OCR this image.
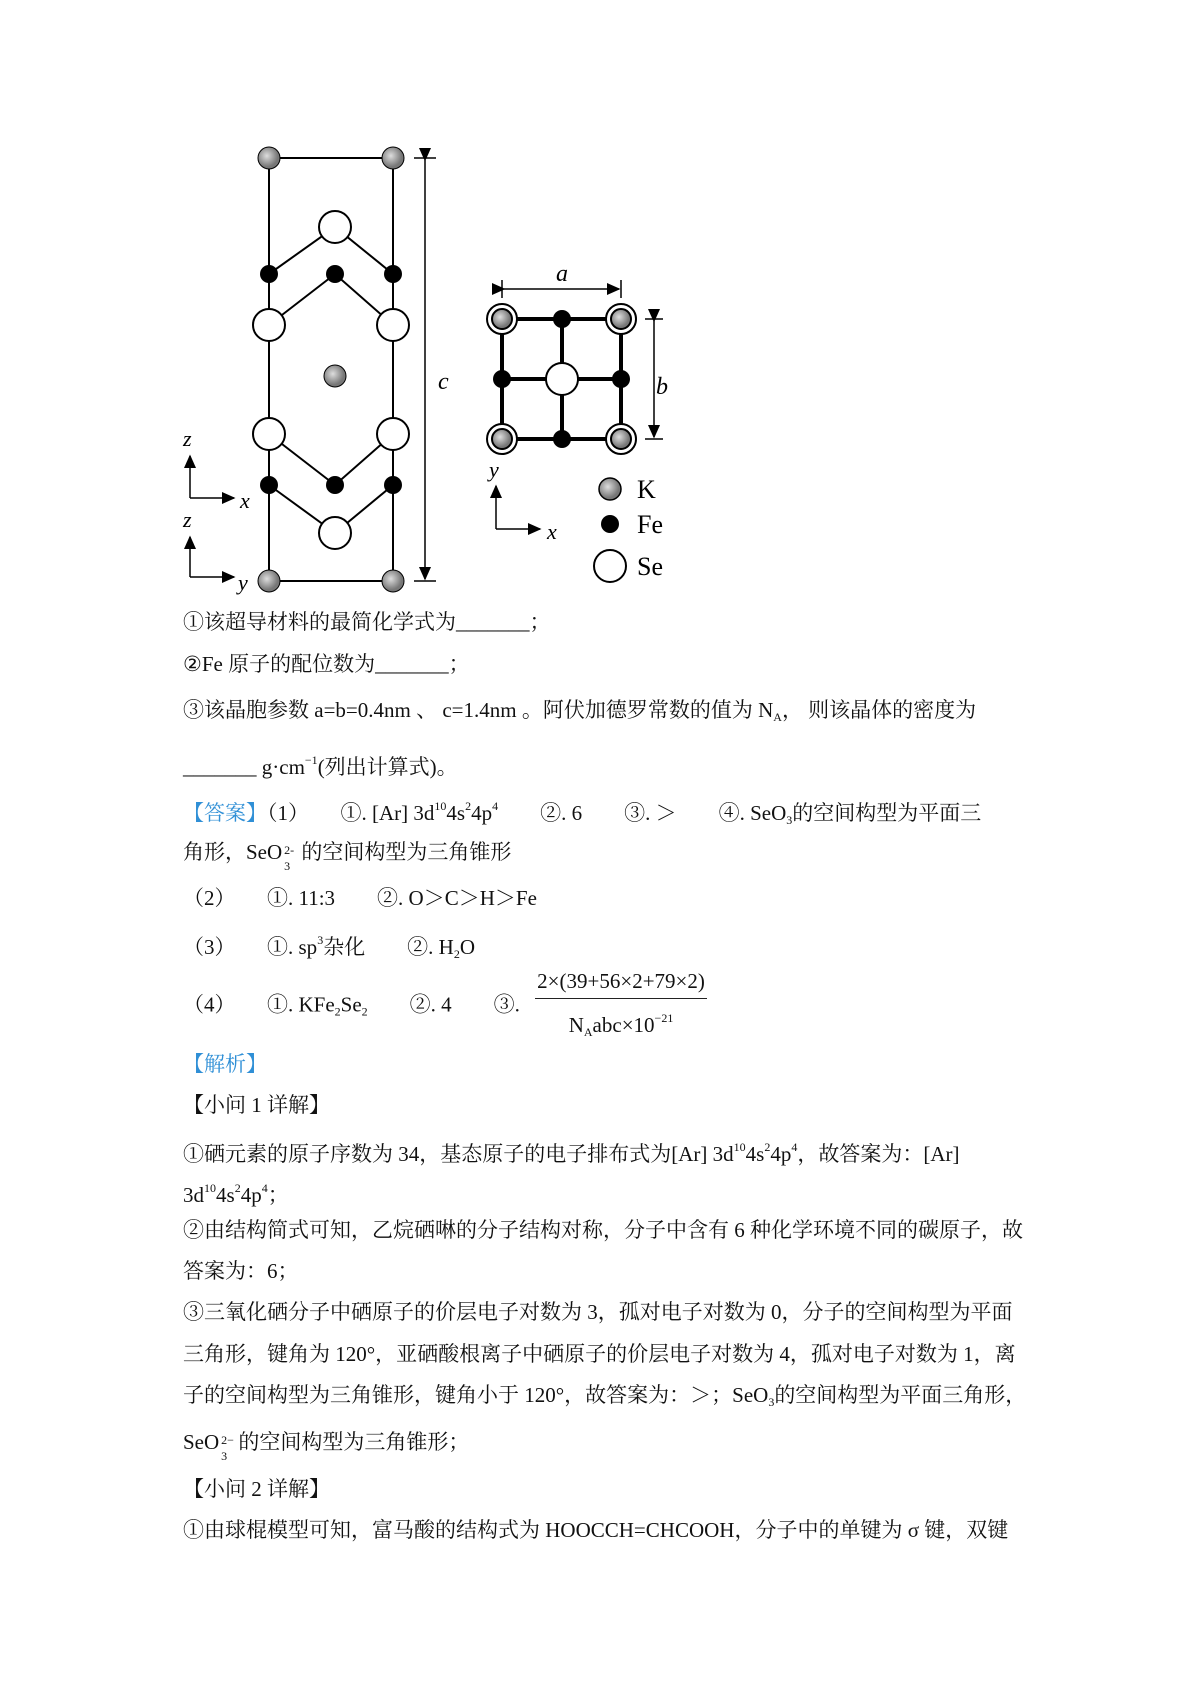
c
z
x
z
y
a
b
y
x
K
Fe
Se
①该超导材料的最简化学式为_______；
②Fe 原子的配位数为_______；
③该晶胞参数 a=b=0.4nm 、 c=1.4nm 。阿伏加德罗常数的值为 $N_A$， 则该晶体的密度为
_______ $g\cdot cm^{-1}$(列出计算式)。
【答案】（1）　　①. [Ar] $3d^{10}4s^24p^4$　　②. 6　　③. ＞　　④. SeO$_3$的空间构型为平面三
角形，SeO 2-
3
的空间构型为三角锥形
（2）　　①. 11:3　　②. O＞C＞H＞Fe
（3）　　①. $sp^3$杂化　　②. $H_2O$
（4）　　①. $KFe_2Se_2$　　②. 4　　③. $\frac{2\times(39+56\times 2+79\times 2)}{N_Aabc\times 10^{-21}}$
【解析】
【小问 1 详解】
①硒元素的原子序数为 34，基态原子的电子排布式为[Ar] $3d^{10}4s^24p^4$，故答案为：[Ar]
$3d^{10}4s^24p^4$；
②由结构简式可知，乙烷硒啉的分子结构对称，分子中含有 6 种化学环境不同的碳原子，故
答案为：6；
③三氧化硒分子中硒原子的价层电子对数为 3，孤对电子对数为 0，分子的空间构型为平面
三角形，键角为 120°，亚硒酸根离子中硒原子的价层电子对数为 4，孤对电子对数为 1，离
子的空间构型为三角锥形，键角小于 120°，故答案为：＞；SeO$_3$的空间构型为平面三角形，
SeO 2−
3
的空间构型为三角锥形；
【小问 2 详解】
①由球棍模型可知，富马酸的结构式为 HOOCCH=CHCOOH，分子中的单键为 σ 键，双键
